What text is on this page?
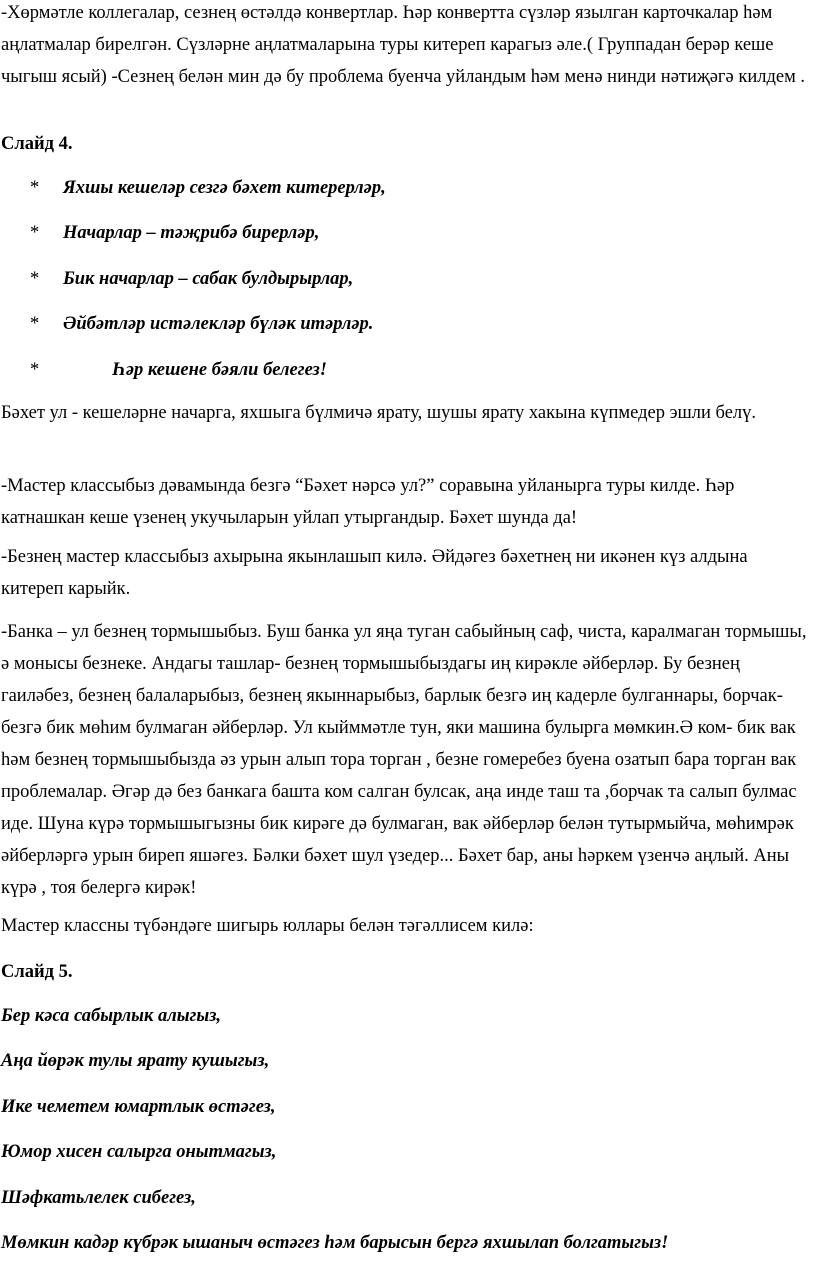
-Хөрмәтле коллегалар, сезнең өстәлдә конвертлар. Һәр конвертта сүзләр язылган карточкалар һәм аңлатмалар бирелгән. Сүзләрне аңлатмаларына туры китереп карагыз әле.( Группадан берәр кеше чыгыш ясый) -Сезнең белән мин дә бу проблема буенча уйландым һәм менә нинди нәтиҗәгә килдем .

Слайд 4.

*	Яхшы кешеләр сезгә бәхет китерерләр,
*	Начарлар – тәҗрибә бирерләр,
*	Бик начарлар – сабак булдырырлар,
*	Әйбәтләр истәлекләр бүләк итәрләр.
*	Һәр кешене бәяли белегез!

Бәхет ул - кешеләрне начарга, яхшыга бүлмичә ярату, шушы ярату хакына күпмедер эшли белү.

-Мастер классыбыз дәвамында безгә “Бәхет нәрсә ул?” соравына уйланырга туры килде. Һәр катнашкан кеше үзенең укучыларын уйлап утыргандыр. Бәхет шунда да!

-Безнең мастер классыбыз ахырына якынлашып килә. Әйдәгез бәхетнең ни икәнен күз алдына китереп карыйк.

-Банка – ул безнең тормышыбыз. Буш банка ул яңа туган сабыйның саф, чиста, каралмаган тормышы, ә монысы безнеке. Андагы ташлар- безнең тормышыбыздагы иң кирәкле әйберләр. Бу безнең гаиләбез, безнең балаларыбыз, безнең якыннарыбыз, барлык безгә иң кадерле булганнары, борчак- безгә бик мөһим булмаган әйберләр. Ул кыйммәтле тун, яки машина булырга мөмкин.Ә ком- бик вак һәм безнең тормышыбызда әз урын алып тора торган , безне гомеребез буена озатып бара торган вак проблемалар. Әгәр дә без банкага башта ком салган булсак, аңа инде таш та ,борчак та салып булмас иде. Шуна күрә тормышыгызны бик кирәге дә булмаган, вак әйберләр белән тутырмыйча, мөһимрәк әйберләргә урын биреп яшәгез. Бәлки бәхет шул үзедер... Бәхет бар, аны һәркем үзенчә аңлый. Аны күрә , тоя белергә кирәк!

Мастер классны түбәндәге шигырь юллары белән тәгәллисем килә:

Слайд 5.

Бер кәса сабырлык алыгыз,

Аңа йөрәк тулы ярату кушыгыз,

Ике чеметем юмартлык өстәгез,

Юмор хисен салырга онытмагыз,

Шәфкатьлелек сибегез,

Мөмкин кадәр күбрәк ышаныч өстәгез һәм барысын бергә яхшылап болгатыгыз!
